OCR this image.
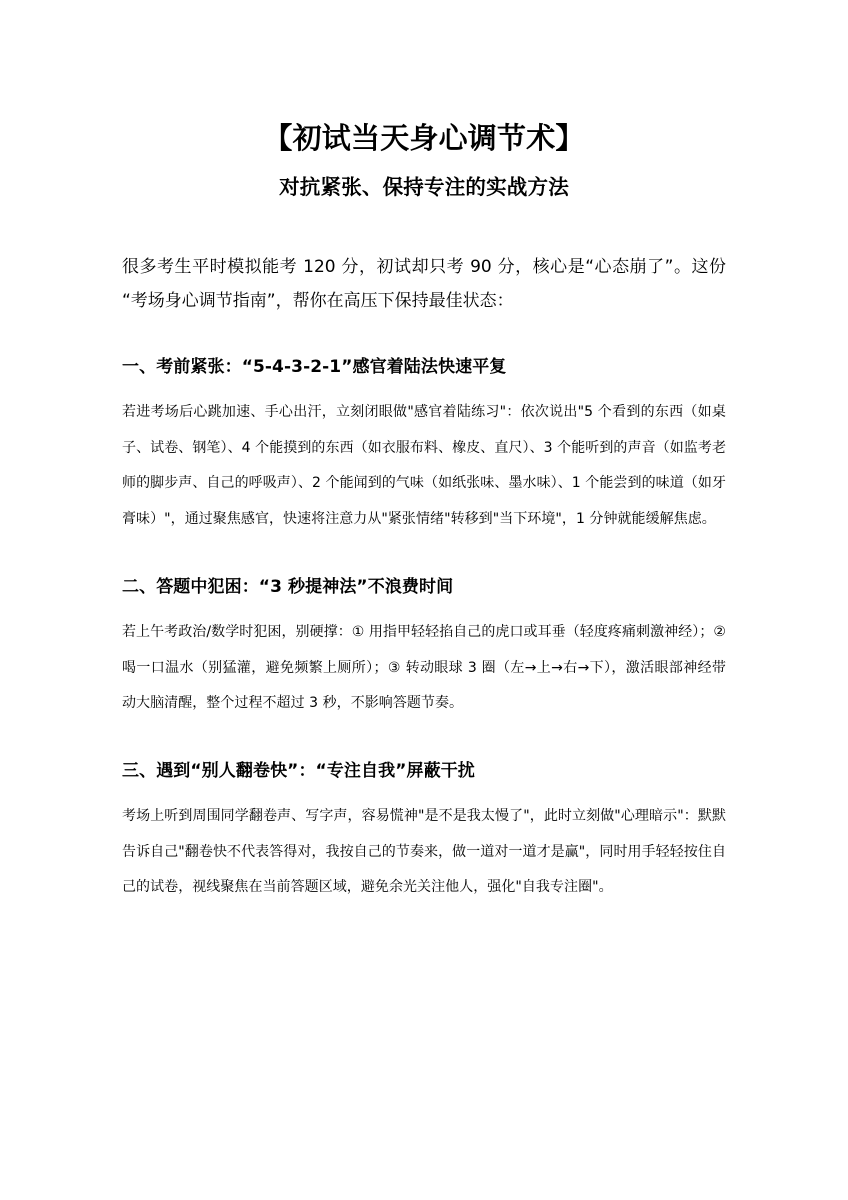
【初试当天身心调节术】
对抗紧张、保持专注的实战方法

很多考生平时模拟能考 120 分，初试却只考 90 分，核心是“心态崩了”。这份“考场身心调节指南”，帮你在高压下保持最佳状态：

一、考前紧张：“5-4-3-2-1”感官着陆法快速平复

若进考场后心跳加速、手心出汗，立刻闭眼做"感官着陆练习"：依次说出"5 个看到的东西（如桌子、试卷、钢笔）、4 个能摸到的东西（如衣服布料、橡皮、直尺）、3 个能听到的声音（如监考老师的脚步声、自己的呼吸声）、2 个能闻到的气味（如纸张味、墨水味）、1 个能尝到的味道（如牙膏味）"，通过聚焦感官，快速将注意力从"紧张情绪"转移到"当下环境"，1 分钟就能缓解焦虑。

二、答题中犯困：“3 秒提神法”不浪费时间

若上午考政治/数学时犯困，别硬撑：① 用指甲轻轻掐自己的虎口或耳垂（轻度疼痛刺激神经）；② 喝一口温水（别猛灌，避免频繁上厕所）；③ 转动眼球 3 圈（左→上→右→下），激活眼部神经带动大脑清醒，整个过程不超过 3 秒，不影响答题节奏。

三、遇到“别人翻卷快”：“专注自我”屏蔽干扰

考场上听到周围同学翻卷声、写字声，容易慌神"是不是我太慢了"，此时立刻做"心理暗示"：默默告诉自己"翻卷快不代表答得对，我按自己的节奏来，做一道对一道才是赢"，同时用手轻轻按住自己的试卷，视线聚焦在当前答题区域，避免余光关注他人，强化"自我专注圈"。
